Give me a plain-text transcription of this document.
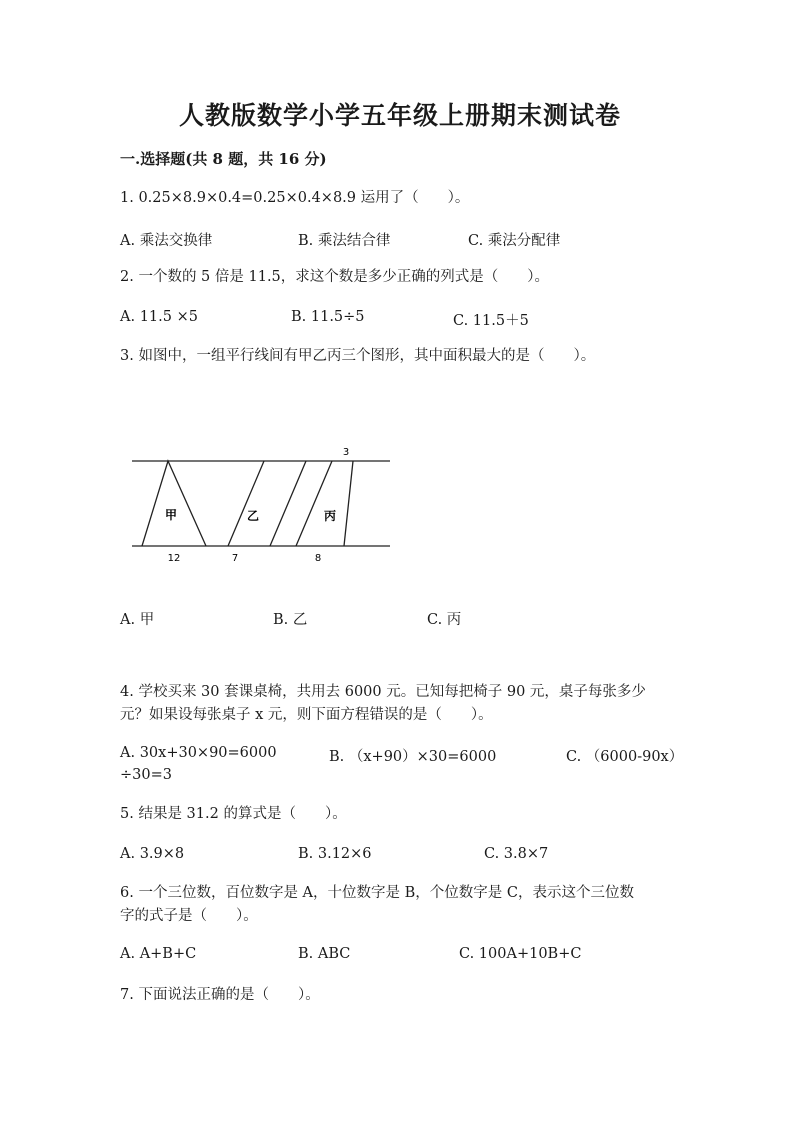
人教版数学小学五年级上册期末测试卷
一.选择题(共 8 题，共 16 分)
1. 0.25×8.9×0.4=0.25×0.4×8.9 运用了（　　）。
A. 乘法交换律	B. 乘法结合律	C. 乘法分配律
2. 一个数的 5 倍是 11.5，求这个数是多少正确的列式是（　　）。
A. 11.5 ×5	B. 11.5÷5	C. 11.5＋5
3. 如图中，一组平行线间有甲乙丙三个图形，其中面积最大的是（　　）。
甲	乙	丙
3
12	7	8
A. 甲	B. 乙	C. 丙
4. 学校买来 30 套课桌椅，共用去 6000 元。已知每把椅子 90 元，桌子每张多少
元？如果设每张桌子 x 元，则下面方程错误的是（　　）。
A. 30x+30×90=6000	B. （x+90）×30=6000	C. （6000-90x）
÷30=3
5. 结果是 31.2 的算式是（　　）。
A. 3.9×8	B. 3.12×6	C. 3.8×7
6. 一个三位数，百位数字是 A，十位数字是 B，个位数字是 C，表示这个三位数
字的式子是（　　）。
A. A+B+C	B. ABC	C. 100A+10B+C
7. 下面说法正确的是（　　）。
